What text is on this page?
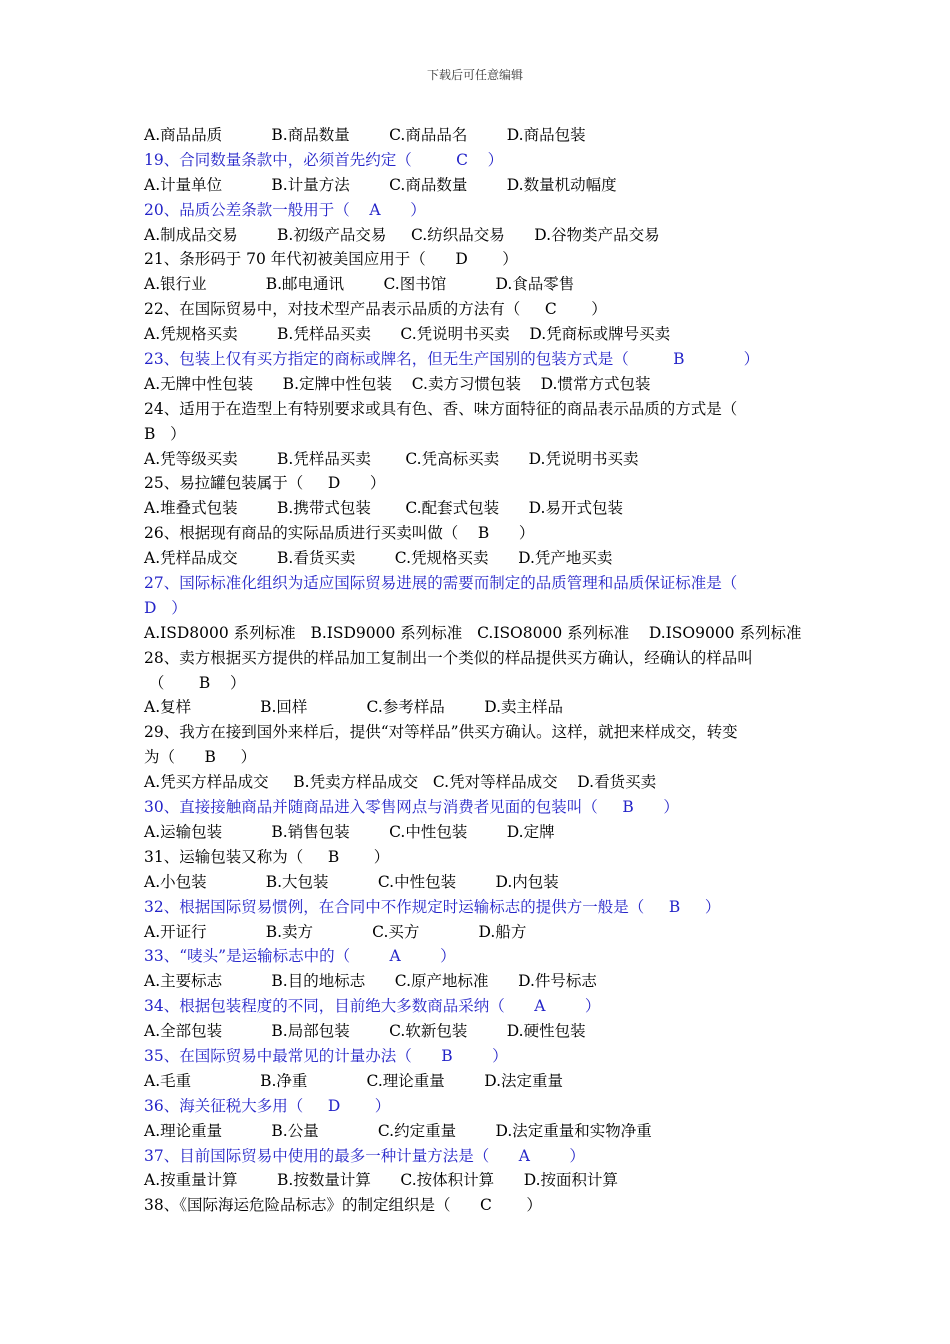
下载后可任意编辑
A.商品品质          B.商品数量        C.商品品名        D.商品包装
19、合同数量条款中，必须首先约定（         C    ）
A.计量单位          B.计量方法        C.商品数量        D.数量机动幅度
20、品质公差条款一般用于（    A      ）
A.制成品交易        B.初级产品交易     C.纺织品交易      D.谷物类产品交易
21、条形码于 70 年代初被美国应用于（      D       ）
A.银行业            B.邮电通讯        C.图书馆          D.食品零售
22、在国际贸易中，对技术型产品表示品质的方法有（     C       ）
A.凭规格买卖        B.凭样品买卖      C.凭说明书买卖    D.凭商标或牌号买卖
23、包装上仅有买方指定的商标或牌名，但无生产国别的包装方式是（         B            ）
A.无牌中性包装      B.定牌中性包装    C.卖方习惯包装    D.惯常方式包装
24、适用于在造型上有特别要求或具有色、香、味方面特征的商品表示品质的方式是（
B   ）
A.凭等级买卖        B.凭样品买卖       C.凭高标买卖      D.凭说明书买卖
25、易拉罐包装属于（     D      ）
A.堆叠式包装        B.携带式包装       C.配套式包装      D.易开式包装
26、根据现有商品的实际品质进行买卖叫做（    B      ）
A.凭样品成交        B.看货买卖        C.凭规格买卖      D.凭产地买卖
27、国际标准化组织为适应国际贸易进展的需要而制定的品质管理和品质保证标准是（
D   ）
A.ISD8000 系列标准   B.ISD9000 系列标准   C.ISO8000 系列标准    D.ISO9000 系列标准
28、卖方根据买方提供的样品加工复制出一个类似的样品提供买方确认，经确认的样品叫
（       B    ）
A.复样              B.回样            C.参考样品        D.卖主样品
29、我方在接到国外来样后，提供“对等样品”供买方确认。这样，就把来样成交，转变
为（      B     ）
A.凭买方样品成交     B.凭卖方样品成交   C.凭对等样品成交    D.看货买卖
30、直接接触商品并随商品进入零售网点与消费者见面的包装叫（     B      ）
A.运输包装          B.销售包装        C.中性包装        D.定牌
31、运输包装又称为（     B       ）
A.小包装            B.大包装          C.中性包装        D.内包装
32、根据国际贸易惯例，在合同中不作规定时运输标志的提供方一般是（     B     ）
A.开证行            B.卖方            C.买方            D.船方
33、“唛头”是运输标志中的（        A        ）
A.主要标志          B.目的地标志      C.原产地标准      D.件号标志
34、根据包装程度的不同，目前绝大多数商品采纳（      A        ）
A.全部包装          B.局部包装        C.软新包装        D.硬性包装
35、在国际贸易中最常见的计量办法（      B        ）
A.毛重              B.净重            C.理论重量        D.法定重量
36、海关征税大多用（     D       ）
A.理论重量          B.公量            C.约定重量        D.法定重量和实物净重
37、目前国际贸易中使用的最多一种计量方法是（      A        ）
A.按重量计算        B.按数量计算      C.按体积计算      D.按面积计算
38、《国际海运危险品标志》的制定组织是（      C       ）
